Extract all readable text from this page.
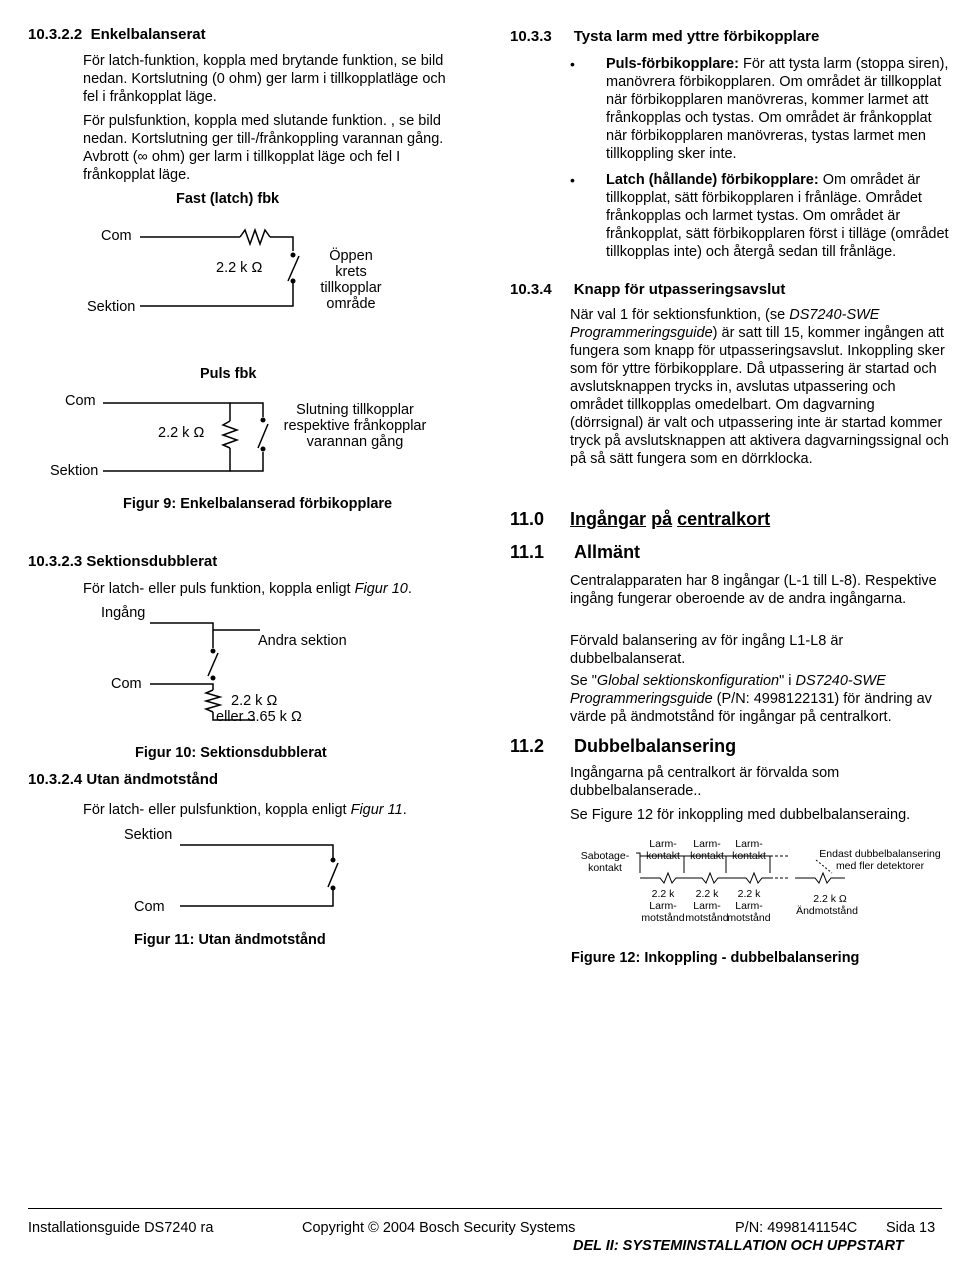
10.3.2.2 Enkelbalanserat
För latch-funktion, koppla med brytande funktion, se bild nedan. Kortslutning (0 ohm) ger larm i tillkopplatläge och fel i frånkopplat läge.
För pulsfunktion, koppla med slutande funktion. , se bild nedan. Kortslutning ger till-/frånkoppling varannan gång. Avbrott (∞ ohm) ger larm i tillkopplat läge och fel I frånkopplat läge.
Fast (latch) fbk
Com
Sektion
2.2 k Ω
Öppen krets tillkopplar område
Puls fbk
Com
Sektion
2.2 k Ω
Slutning tillkopplar respektive frånkopplar varannan gång
Figur 9: Enkelbalanserad förbikopplare
10.3.2.3 Sektionsdubblerat
För latch- eller puls funktion, koppla enligt Figur 10.
Ingång
Andra sektion
Com
2.2 k Ω
eller 3.65 k Ω
Figur 10: Sektionsdubblerat
10.3.2.4 Utan ändmotstånd
För latch- eller pulsfunktion, koppla enligt Figur 11.
Sektion
Com
Figur 11: Utan ändmotstånd
10.3.3 Tysta larm med yttre förbikopplare
• Puls-förbikopplare: För att tysta larm (stoppa siren), manövrera förbikopplaren. Om området är tillkopplat när förbikopplaren manövreras, kommer larmet att frånkopplas och tystas. Om området är frånkopplat när förbikopplaren manövreras, tystas larmet men tillkoppling sker inte.
• Latch (hållande) förbikopplare: Om området är tillkopplat, sätt förbikopplaren i frånläge. Området frånkopplas och larmet tystas. Om området är frånkopplat, sätt förbikopplaren först i tilläge (området tillkopplas inte) och återgå sedan till frånläge.
10.3.4 Knapp för utpasseringsavslut
När val 1 för sektionsfunktion, (se DS7240-SWE Programmeringsguide) är satt till 15, kommer ingången att fungera som knapp för utpasseringsavslut. Inkoppling sker som för yttre förbikopplare. Då utpassering är startad och avslutsknappen trycks in, avslutas utpassering och området tillkopplas omedelbart. Om dagvarning (dörrsignal) är valt och utpassering inte är startad kommer tryck på avslutsknappen att aktivera dagvarningssignal och på så sätt fungera som en dörrklocka.
11.0 Ingångar på centralkort
11.1 Allmänt
Centralapparaten har 8 ingångar (L-1 till L-8). Respektive ingång fungerar oberoende av de andra ingångarna.
Förvald balansering av för ingång L1-L8 är dubbelbalanserat.
Se "Global sektionskonfiguration" i DS7240-SWE Programmeringsguide (P/N: 4998122131) för ändring av värde på ändmotstånd för ingångar på centralkort.
11.2 Dubbelbalansering
Ingångarna på centralkort är förvalda som dubbelbalanserade..
Se Figure 12 för inkoppling med dubbelbalanseraing.
Sabotage-kontakt
Larm-kontakt
Larm-kontakt
Larm-kontakt	Endast dubbelbalansering med fler detektorer
2.2 k	2.2 k	2.2 k	2.2 k Ω
Larm-motstånd
Larm-motstånd
Larm-motstånd
Ändmotstånd
Figure 12: Inkoppling - dubbelbalansering
Installationsguide DS7240 ra	Copyright © 2004 Bosch Security Systems	P/N: 4998141154C Sida 13
DEL II: SYSTEMINSTALLATION OCH UPPSTART
